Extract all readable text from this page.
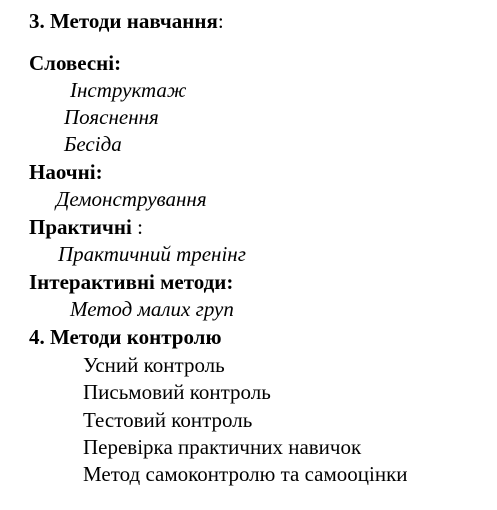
3. Методи навчання:
Словесні:
Інструктаж
Пояснення
Бесіда
Наочні:
Демонстрування
Практичні :
Практичний тренінг
Інтерактивні методи:
Метод малих груп
4. Методи контролю
Усний контроль
Письмовий контроль
Тестовий контроль
Перевірка практичних навичок
Метод самоконтролю та самооцінки
